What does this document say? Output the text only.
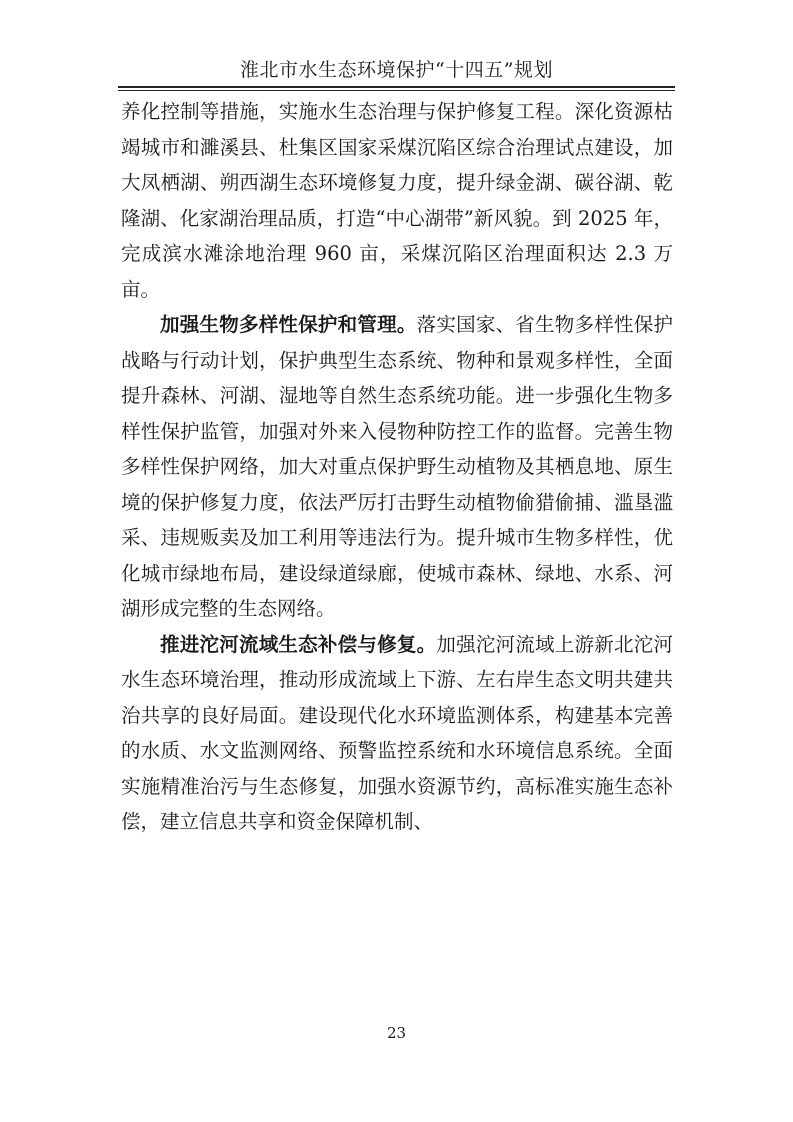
淮北市水生态环境保护“十四五”规划

养化控制等措施，实施水生态治理与保护修复工程。深化资源枯竭城市和濉溪县、杜集区国家采煤沉陷区综合治理试点建设，加大凤栖湖、朔西湖生态环境修复力度，提升绿金湖、碳谷湖、乾隆湖、化家湖治理品质，打造“中心湖带”新风貌。到 2025 年，完成滨水滩涂地治理 960 亩，采煤沉陷区治理面积达 2.3 万亩。

加强生物多样性保护和管理。落实国家、省生物多样性保护战略与行动计划，保护典型生态系统、物种和景观多样性，全面提升森林、河湖、湿地等自然生态系统功能。进一步强化生物多样性保护监管，加强对外来入侵物种防控工作的监督。完善生物多样性保护网络，加大对重点保护野生动植物及其栖息地、原生境的保护修复力度，依法严厉打击野生动植物偷猎偷捕、滥垦滥采、违规贩卖及加工利用等违法行为。提升城市生物多样性，优化城市绿地布局，建设绿道绿廊，使城市森林、绿地、水系、河湖形成完整的生态网络。

推进沱河流域生态补偿与修复。加强沱河流域上游新北沱河水生态环境治理，推动形成流域上下游、左右岸生态文明共建共治共享的良好局面。建设现代化水环境监测体系，构建基本完善的水质、水文监测网络、预警监控系统和水环境信息系统。全面实施精准治污与生态修复，加强水资源节约，高标准实施生态补偿，建立信息共享和资金保障机制、

23
